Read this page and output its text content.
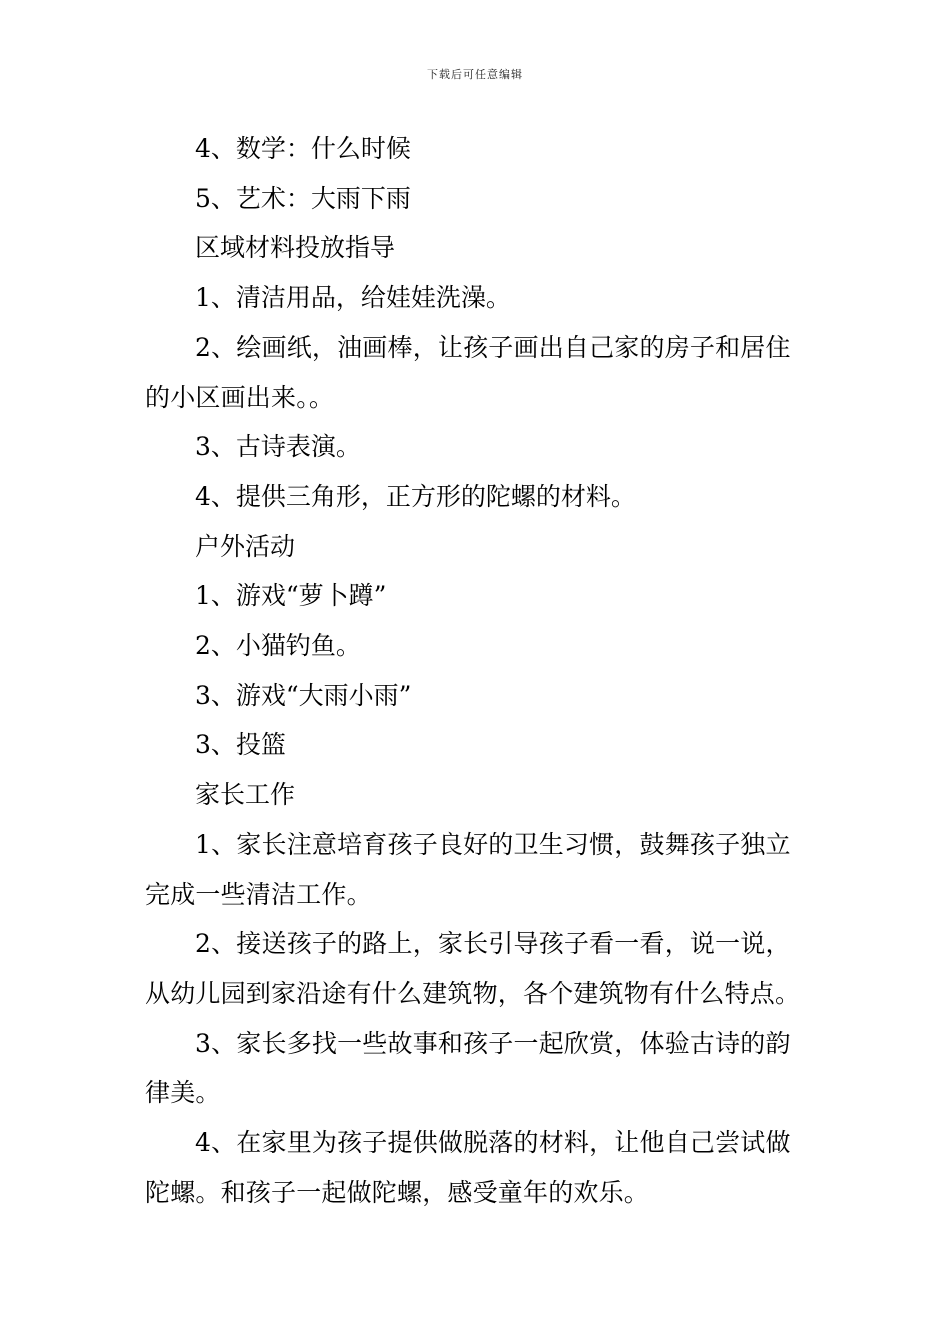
下载后可任意编辑

4、数学：什么时候

5、艺术：大雨下雨

区域材料投放指导

1、清洁用品，给娃娃洗澡。

2、绘画纸，油画棒，让孩子画出自己家的房子和居住的小区画出来。。

3、古诗表演。

4、提供三角形，正方形的陀螺的材料。

户外活动

1、游戏“萝卜蹲”

2、小猫钓鱼。

3、游戏“大雨小雨”

3、投篮

家长工作

1、家长注意培育孩子良好的卫生习惯，鼓舞孩子独立完成一些清洁工作。

2、接送孩子的路上，家长引导孩子看一看，说一说，从幼儿园到家沿途有什么建筑物，各个建筑物有什么特点。

3、家长多找一些故事和孩子一起欣赏，体验古诗的韵律美。

4、在家里为孩子提供做脱落的材料，让他自己尝试做陀螺。和孩子一起做陀螺，感受童年的欢乐。
